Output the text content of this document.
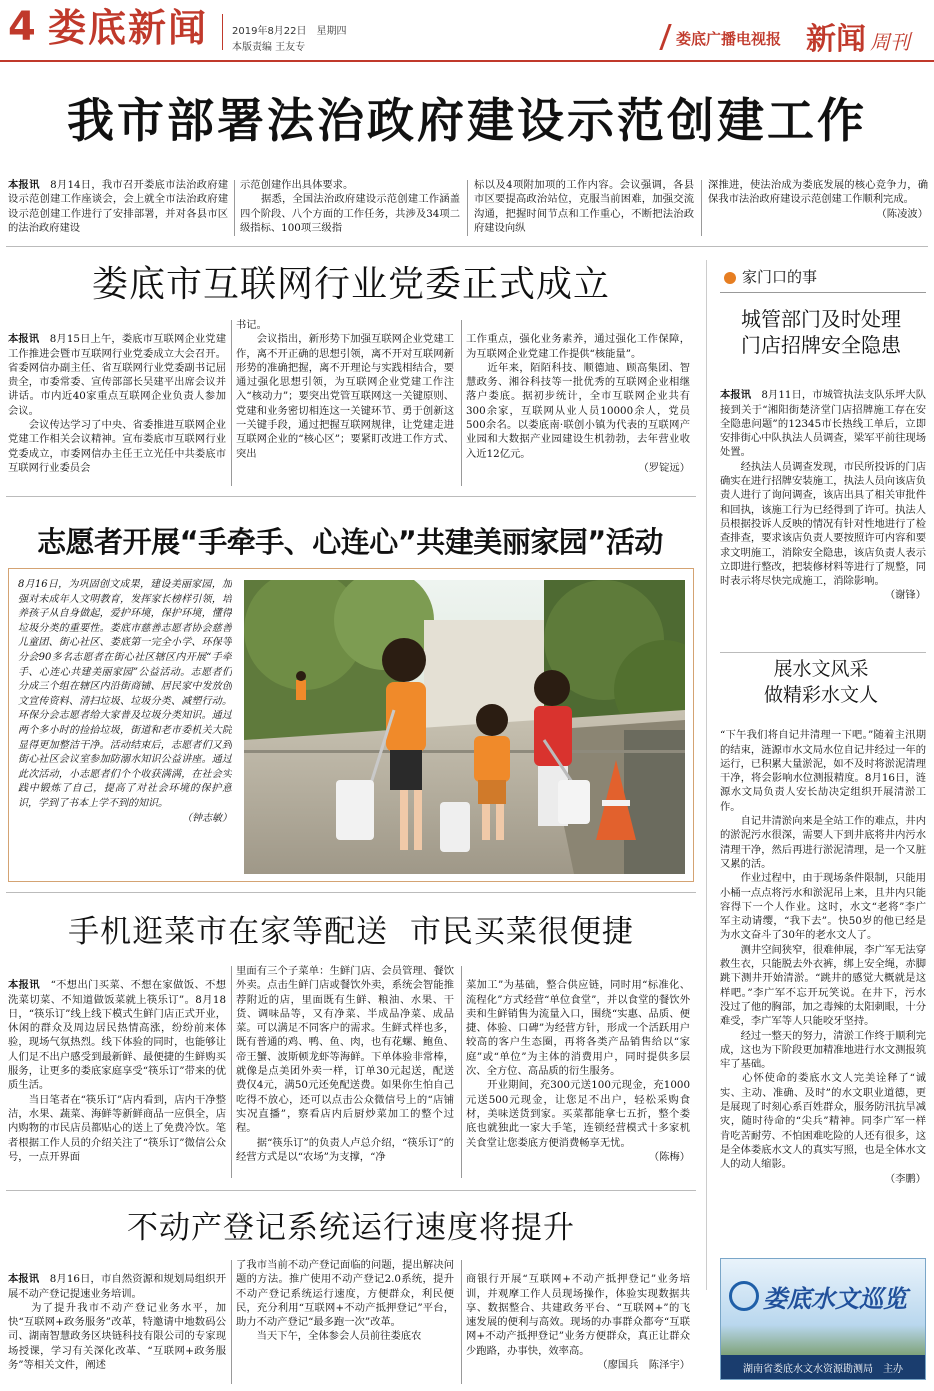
4 娄底新闻 2019年8月22日　星期四
本版责编 王友专	娄底广播电视报 新闻 周刊
我市部署法治政府建设示范创建工作
本报讯　 8月14日，我市召开娄底市法治政府建设示范创建工作座谈会，会上就全市法治政府建设示范创建工作进行了安排部署，并对各县市区的法治政府建设
示范创建作出具体要求。
　　据悉，全国法治政府建设示范创建工作涵盖四个阶段、八个方面的工作任务，共涉及34项二级指标、100项三级指
标以及4项附加项的工作内容。会议强调，各县市区要提高政治站位，克服当前困难，加强交流沟通，把握时间节点和工作重心，不断把法治政府建设向纵
深推进，使法治成为娄底发展的核心竞争力，确保我市法治政府建设示范创建工作顺利完成。
（陈凌波）
娄底市互联网行业党委正式成立

本报讯　 8月15日上午，娄底市互联网企业党建工作推进会暨市互联网行业党委成立大会召开。省委网信办副主任、省互联网行业党委副书记屈贵全，市委常委、宣传部部长吴建平出席会议并讲话。市内近40家重点互联网企业负责人参加会议。
　　会议传达学习了中央、省委推进互联网企业党建工作相关会议精神。宣布娄底市互联网行业党委成立，市委网信办主任王立光任中共娄底市互联网行业委员会

书记。
　　会议指出，新形势下加强互联网企业党建工作，离不开正确的思想引领，离不开对互联网新形势的准确把握，离不开理论与实践相结合，要通过强化思想引领，为互联网企业党建工作注入“核动力”；要突出党管互联网这一关键原则、党建和业务密切相连这一关键环节、勇于创新这一关键手段，通过把握互联网规律，让党建走进互联网企业的“核心区”；要紧盯改进工作方式、突出

工作重点，强化业务素养，通过强化工作保障，为互联网企业党建工作提供“核能量”。
　　近年来，陌陌科技、顺德迪、顾高集团、智慧政务、湘谷科技等一批优秀的互联网企业相继落户娄底。据初步统计，全市互联网企业共有300余家，互联网从业人员10000余人，党员500余名。以娄底南·联创小镇为代表的互联网产业园和大数据产业园建设生机勃勃，去年营业收入近12亿元。

（罗锭远）

家门口的事
城管部门及时处理
门店招牌安全隐患

本报讯　 8月11日，市城管执法支队乐坪大队接到关于“湘阳街楚济堂门店招牌施工存在安全隐患问题”的12345市长热线工单后，立即安排街心中队执法人员调查，梁军平前往现场处置。
　　经执法人员调查发现，市民所投诉的门店确实在进行招牌安装施工，执法人员向该店负责人进行了询问调查，该店出具了相关审批件和回执，该施工行为已经得到了许可。执法人员根据投诉人反映的情况有针对性地进行了检查排查，要求该店负责人要按照许可内容和要求文明施工，消除安全隐患，该店负责人表示立即进行整改，把装修材料等进行了规整，同时表示将尽快完成施工，消除影响。

（谢锋）

展水文风采
做精彩水文人

“下午我们将自记井清理一下吧。”随着主汛期的结束，涟源市水文局水位自记井经过一年的运行，已积累大量淤泥，如不及时将淤泥清理干净，将会影响水位测报精度。8月16日，涟源水文局负责人安长劼决定组织开展清淤工作。
　　自记井清淤向来是全站工作的难点，井内的淤泥污水很深，需要人下到井底将井内污水清理干净，然后再进行淤泥清理，是一个又脏又累的活。
　　作业过程中，由于现场条件限制，只能用小桶一点点将污水和淤泥吊上来，且井内只能容得下一个人作业。这时，水文“老将”李广军主动请缨，“我下去”。快50岁的他已经是为水文奋斗了30年的老水文人了。
　　测井空间狭窄，很难伸展，李广军无法穿救生衣，只能脱去外衣裤，绑上安全绳，赤脚跳下测井开始清淤。“跳井的感觉大概就是这样吧。”李广军不忘开玩笑说。在井下，污水没过了他的胸部，加之毒辣的太阳刺眼，十分难受，李广军等人只能咬牙坚持。
　　经过一整天的努力，清淤工作终于顺利完成，这也为下阶段更加精准地进行水文测报筑牢了基础。
　　心怀使命的娄底水文人完美诠释了“诚实、主动、准确、及时”的水文职业道德，更是展现了时刻心系百姓群众，服务防汛抗旱减灾，随时待命的“尖兵”精神。同李广军一样肯吃苦耐劳、不怕困难吃险的人还有很多，这是全体娄底水文人的真实写照，也是全体水文人的动人缩影。

（李鹏）

娄底水文巡览
湖南省娄底水文水资源勘测局　主办
志愿者开展“手牵手、心连心”共建美丽家园”活动
8月16日，为巩固创文成果，建设美丽家园，加强对未成年人文明教育，发挥家长榜样引领，培养孩子从自身做起，爱护环境，保护环境，懂得垃圾分类的重要性。娄底市慈善志愿者协会慈善儿童团、街心社区、娄底第一完全小学、环保等分会90多名志愿者在街心社区辖区内开展“手牵手、心连心共建美丽家园”公益活动。志愿者们分成三个组在辖区内沿街商铺、居民家中发放创文宣传资料、清扫垃圾、垃圾分类、减塑行动。环保分会志愿者给大家普及垃圾分类知识。通过两个多小时的捡拾垃圾，街道和老市委机关大院显得更加整洁干净。活动结束后，志愿者们又到街心社区会议室参加防溺水知识公益讲座。通过此次活动，小志愿者们个个收获满满，在社会实践中锻炼了自己，提高了对社会环境的保护意识，学到了书本上学不到的知识。
（钟志敏）
手机逛菜市在家等配送  市民买菜很便捷

本报讯　 “不想出门买菜、不想在家做饭、不想洗菜切菜、不知道做饭菜就上筷乐订”。8月18日，“筷乐订”线上线下模式生鲜门店正式开业，休闲的群众及周边居民热情高涨，纷纷前来体验，现场气氛热烈。线下体验的同时，也能够让人们足不出户感受到最新鲜、最便捷的生鲜购买服务，让更多的娄底家庭享受“筷乐订”带来的优质生活。
　　当日笔者在“筷乐订”店内看到，店内干净整洁，水果、蔬菜、海鲜等新鲜商品一应俱全，店内购物的市民店员都贴心的送上了免费冷饮。笔者根据工作人员的介绍关注了“筷乐订”微信公众号，一点开界面

里面有三个子菜单：生鲜门店、会员管理、餐饮外卖。点击生鲜门店或餐饮外卖，系统会智能推荐附近的店，里面既有生鲜、粮油、水果、干货、调味品等，又有净菜、半成品净菜、成品菜。可以满足不同客户的需求。生鲜式样也多，既有普通的鸡、鸭、鱼、肉，也有花螺、鲍鱼、帝王蟹、波斯顿龙虾等海鲜。下单体验非常棒，就像是点美团外卖一样，订单30元起送，配送费仅4元，满50元还免配送费。如果你生怕自己吃得不放心，还可以点击公众微信号上的“店铺实况直播”，察看店内后厨炒菜加工的整个过程。
　　据“筷乐订”的负责人卢总介绍，“筷乐订”的经营方式是以“农场”为支撑，“净

菜加工”为基础，整合供应链，同时用“标准化、流程化”方式经营“单位食堂”，并以食堂的餐饮外卖和生鲜销售为流量入口，围绕“实惠、品质、便捷、体验、口碑”为经营方针，形成一个活跃用户较高的客户生态圈，再将各类产品销售给以“家庭”或“单位”为主体的消费用户，同时提供多层次、全方位、高品质的衍生服务。
　　开业期间，充300元送100元现金，充1000元送500元现金，让您足不出户，轻松采购食材，美味送货到家。买菜都能拿七五折，整个娄底也就独此一家大手笔，连锁经营模式十多家机关食堂让您娄底方便消费畅享无忧。

（陈梅）

不动产登记系统运行速度将提升

本报讯　 8月16日，市自然资源和规划局组织开展不动产登记提速业务培训。
　　为了提升我市不动产登记业务水平，加快“互联网+政务服务”改革，特邀请中地数码公司、湖南智慧政务区块链科技有限公司的专家现场授课，学习有关深化改革、“互联网+政务服务”等相关文件，阐述

了我市当前不动产登记面临的问题，提出解决问题的方法。推广使用不动产登记2.0系统，提升不动产登记系统运行速度，方便群众，利民便民，充分利用“互联网+不动产抵押登记”平台，助力不动产登记“最多跑一次”改革。
　　当天下午，全体参会人员前往娄底农

商银行开展“互联网+不动产抵押登记”业务培训，并观摩工作人员现场操作，体验实现数据共享、数据整合、共建政务平台、“互联网+”的飞速发展的便利与高效。现场的办事群众都夸“互联网+不动产抵押登记”业务方便群众，真正让群众少跑路，办事快，效率高。

（廖国兵　陈泽宇）
